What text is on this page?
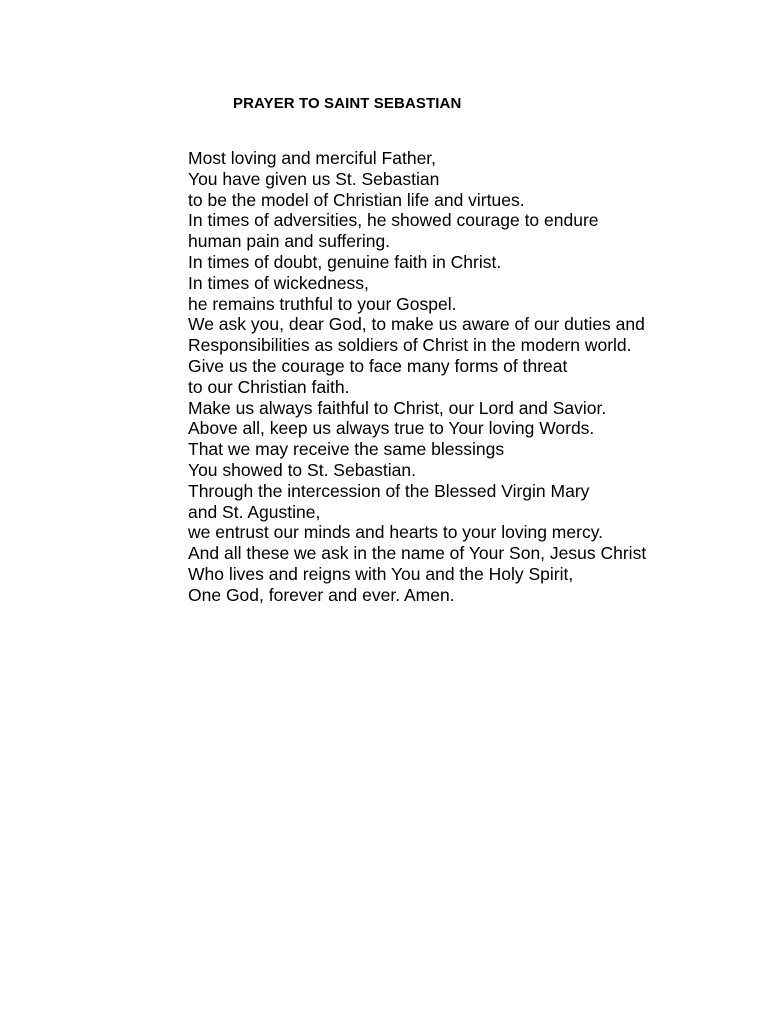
PRAYER TO SAINT SEBASTIAN
Most loving and merciful Father,
You have given us St. Sebastian
to be the model of Christian life and virtues.
In times of adversities, he showed courage to endure
human pain and suffering.
In times of doubt, genuine faith in Christ.
In times of wickedness,
he remains truthful to your Gospel.
We ask you, dear God, to make us aware of our duties and
Responsibilities as soldiers of Christ in the modern world.
Give us the courage to face many forms of threat
to our Christian faith.
Make us always faithful to Christ, our Lord and Savior.
Above all, keep us always true to Your loving Words.
That we may receive the same blessings
You showed to St. Sebastian.
Through the intercession of the Blessed Virgin Mary
and St. Agustine,
we entrust our minds and hearts to your loving mercy.
And all these we ask in the name of Your Son, Jesus Christ
Who lives and reigns with You and the Holy Spirit,
One God, forever and ever. Amen.
